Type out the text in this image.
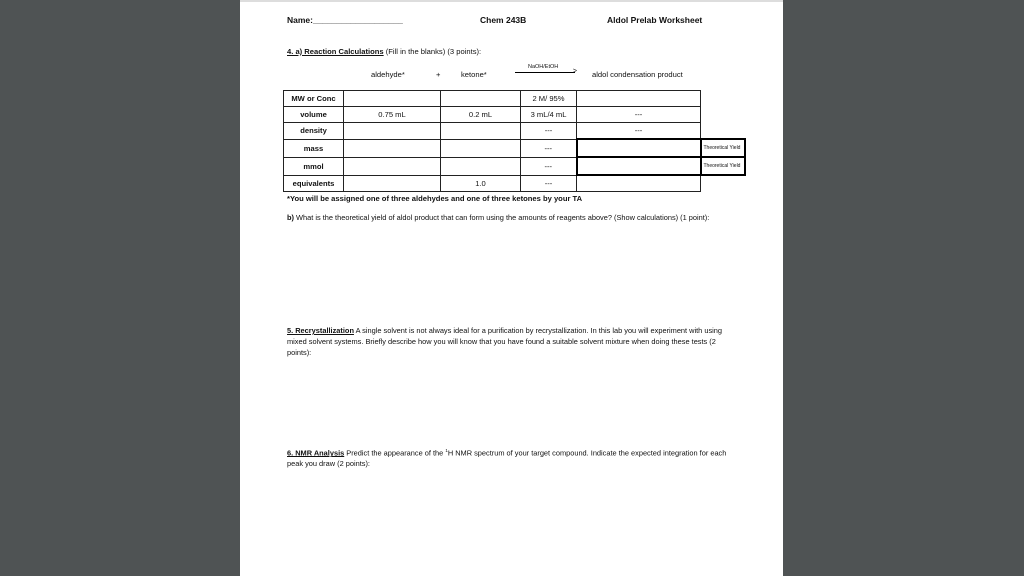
Name:___________________	Chem 243B	Aldol Prelab Worksheet
4. a) Reaction Calculations (Fill in the blanks) (3 points):
aldehyde*	+	ketone*
NaOH/EtOH
> aldol condensation product
MW or Conc			2 M/ 95%		
volume	0.75 mL	0.2 mL	3 mL/4 mL	---	
density			---	---	
mass			---		Theoretical Yield
mmol			---		Theoretical Yield
equivalents		1.0	---		
*You will be assigned one of three aldehydes and one of three ketones by your TA
b) What is the theoretical yield of aldol product that can form using the amounts of reagents above? (Show calculations) (1 point):
5. Recrystallization A single solvent is not always ideal for a purification by recrystallization. In this lab you will experiment with using mixed solvent systems. Briefly describe how you will know that you have found a suitable solvent mixture when doing these tests (2 points):
6. NMR Analysis Predict the appearance of the $^1$H NMR spectrum of your target compound. Indicate the expected integration for each peak you draw (2 points):
